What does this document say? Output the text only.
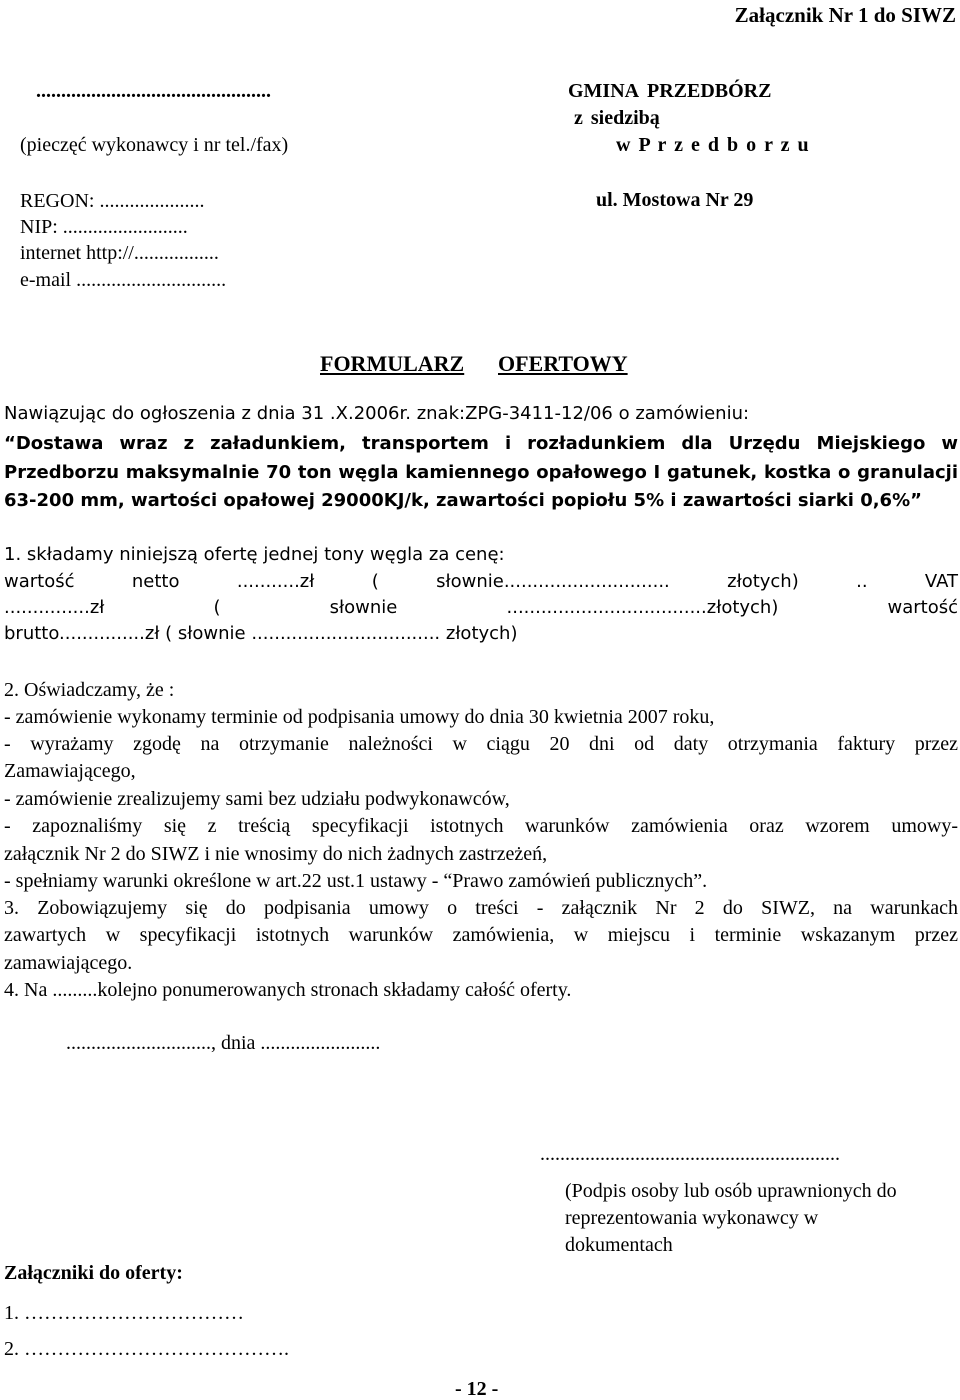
Załącznik Nr 1 do SIWZ
...............................................
(pieczęć wykonawcy i nr tel./fax)
REGON: .....................
NIP: .........................
internet http://.................
e-mail ..............................
GMINA PRZEDBÓRZ
z siedzibą
w P r z e d b o r z u
ul. Mostowa Nr 29
FORMULARZ OFERTOWY
Nawiązując do ogłoszenia z dnia 31 .X.2006r. znak:ZPG-3411-12/06 o zamówieniu:
“Dostawa wraz z załadunkiem, transportem i rozładunkiem dla Urzędu Miejskiego w
Przedborzu maksymalnie 70 ton węgla kamiennego opałowego I gatunek, kostka o granulacji
63-200 mm, wartości opałowej 29000KJ/k, zawartości popiołu 5% i zawartości siarki 0,6%”
1. składamy niniejszą ofertę jednej tony węgla za cenę:
wartość netto ...........zł ( słownie............................. złotych) .. VAT
...............zł ( słownie ...................................złotych) wartość
brutto...............zł ( słownie ................................. złotych)
2. Oświadczamy, że :
- zamówienie wykonamy terminie od podpisania umowy do dnia 30 kwietnia 2007 roku,
- wyrażamy zgodę na otrzymanie należności w ciągu 20 dni od daty otrzymania faktury przez
Zamawiającego,
- zamówienie zrealizujemy sami bez udziału podwykonawców,
- zapoznaliśmy się z treścią specyfikacji istotnych warunków zamówienia oraz wzorem umowy-
załącznik Nr 2 do SIWZ i nie wnosimy do nich żadnych zastrzeżeń,
- spełniamy warunki określone w art.22 ust.1 ustawy - “Prawo zamówień publicznych”.
3. Zobowiązujemy się do podpisania umowy o treści - załącznik Nr 2 do SIWZ, na warunkach
zawartych w specyfikacji istotnych warunków zamówienia, w miejscu i terminie wskazanym przez
zamawiającego.
4. Na .........kolejno ponumerowanych stronach składamy całość oferty.
............................., dnia ........................
............................................................
(Podpis osoby lub osób uprawnionych do
reprezentowania wykonawcy w
dokumentach
Załączniki do oferty:
1. ……………………………
2. ………………………………….
- 12 -
